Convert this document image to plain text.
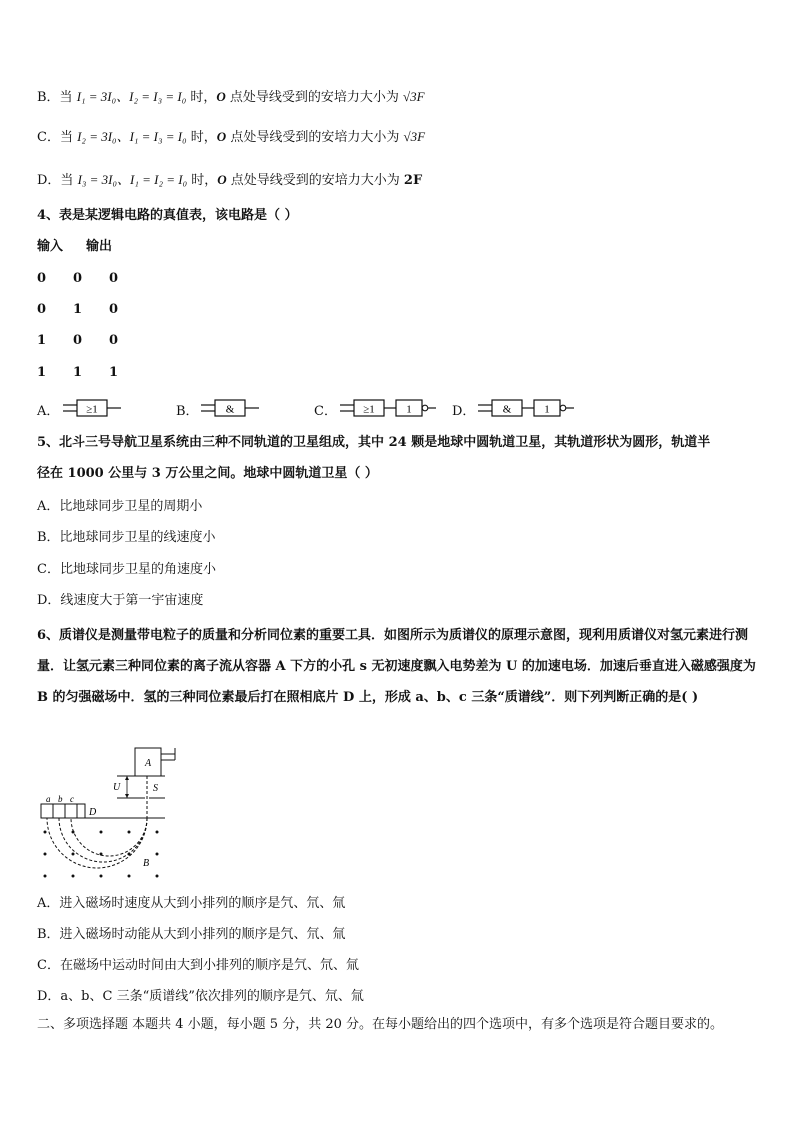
B．当 I₁ = 3I₀、I₂ = I₃ = I₀ 时，O 点处导线受到的安培力大小为 √3F
C．当 I₂ = 3I₀、I₁ = I₃ = I₀ 时，O 点处导线受到的安培力大小为 √3F
D．当 I₃ = 3I₀、I₁ = I₂ = I₀ 时，O 点处导线受到的安培力大小为 2F
4、表是某逻辑电路的真值表，该电路是（ ）
输入 输出
0 0 0
0 1 0
1 0 0
1 1 1
A． ≥1	B． &	C． ≥1	1	D． &	1
5、北斗三号导航卫星系统由三种不同轨道的卫星组成，其中 24 颗是地球中圆轨道卫星，其轨道形状为圆形，轨道半
径在 1000 公里与 3 万公里之间。地球中圆轨道卫星（ ）
A．比地球同步卫星的周期小
B．比地球同步卫星的线速度小
C．比地球同步卫星的角速度小
D．线速度大于第一宇宙速度
6、质谱仪是测量带电粒子的质量和分析同位素的重要工具．如图所示为质谱仪的原理示意图，现利用质谱仪对氢元素进行测量．让氢元素三种同位素的离子流从容器 A 下方的小孔 s 无初速度飘入电势差为 U 的加速电场．加速后垂直进入磁感强度为 B 的匀强磁场中．氢的三种同位素最后打在照相底片 D 上，形成 a、b、c 三条“质谱线”．则下列判断正确的是( )
A
U	S
a b c
D
B
A．进入磁场时速度从大到小排列的顺序是氕、氘、氚
B．进入磁场时动能从大到小排列的顺序是氕、氘、氚
C．在磁场中运动时间由大到小排列的顺序是氕、氘、氚
D．a、b、C 三条“质谱线”依次排列的顺序是氕、氘、氚
二、多项选择题 本题共 4 小题，每小题 5 分，共 20 分。在每小题给出的四个选项中，有多个选项是符合题目要求的。
